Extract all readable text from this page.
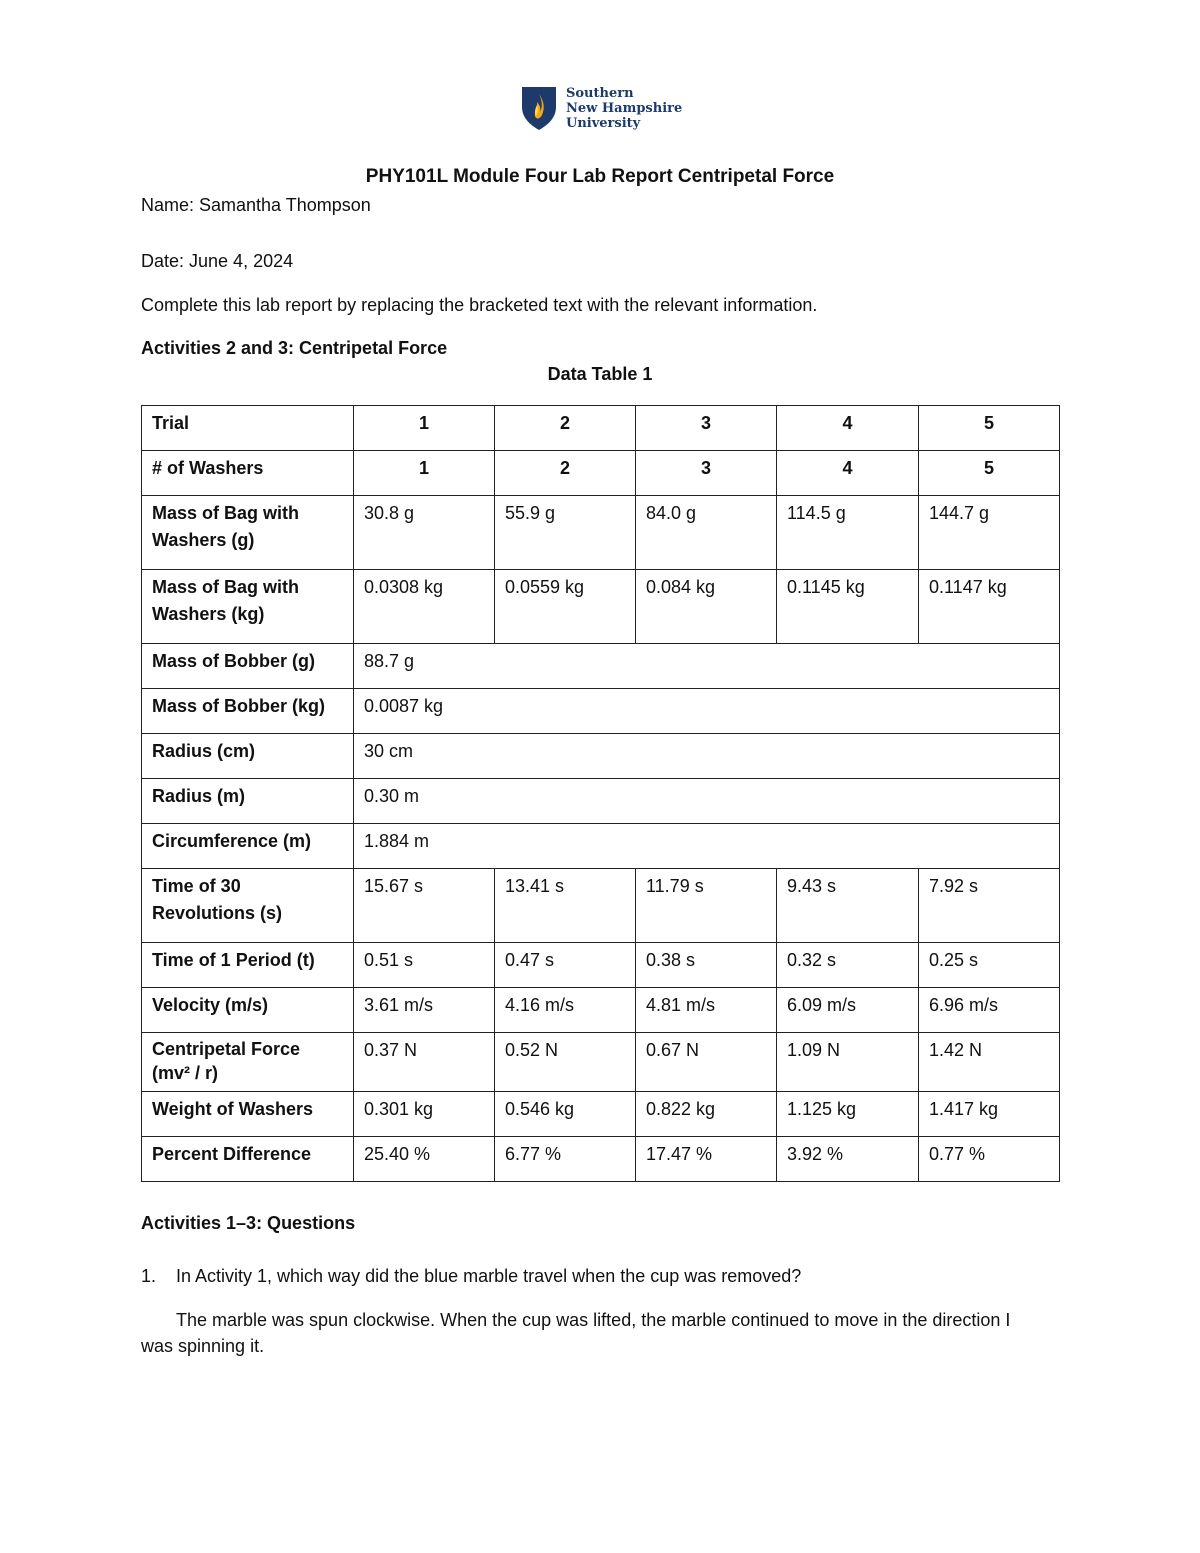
Southern
New Hampshire
University
PHY101L Module Four Lab Report Centripetal Force
Name: Samantha Thompson
Date: June 4, 2024
Complete this lab report by replacing the bracketed text with the relevant information.
Activities 2 and 3: Centripetal Force
Data Table 1
Trial	1	2	3	4	5
# of Washers	1	2	3	4	5
Mass of Bag with Washers (g)	30.8 g	55.9 g	84.0 g	114.5 g	144.7 g
Mass of Bag with Washers (kg)	0.0308 kg	0.0559 kg	0.084 kg	0.1145 kg	0.1147 kg
Mass of Bobber (g)	88.7 g				
Mass of Bobber (kg)	0.0087 kg				
Radius (cm)	30 cm				
Radius (m)	0.30 m				
Circumference (m)	1.884 m				
Time of 30 Revolutions (s)	15.67 s	13.41 s	11.79 s	9.43 s	7.92 s
Time of 1 Period (t)	0.51 s	0.47 s	0.38 s	0.32 s	0.25 s
Velocity (m/s)	3.61 m/s	4.16 m/s	4.81 m/s	6.09 m/s	6.96 m/s
Centripetal Force (mv² / r)	0.37 N	0.52 N	0.67 N	1.09 N	1.42 N
Weight of Washers	0.301 kg	0.546 kg	0.822 kg	1.125 kg	1.417 kg
Percent Difference	25.40 %	6.77 %	17.47 %	3.92 %	0.77 %
Activities 1–3: Questions
1. In Activity 1, which way did the blue marble travel when the cup was removed?
The marble was spun clockwise. When the cup was lifted, the marble continued to move in the direction I was spinning it.
